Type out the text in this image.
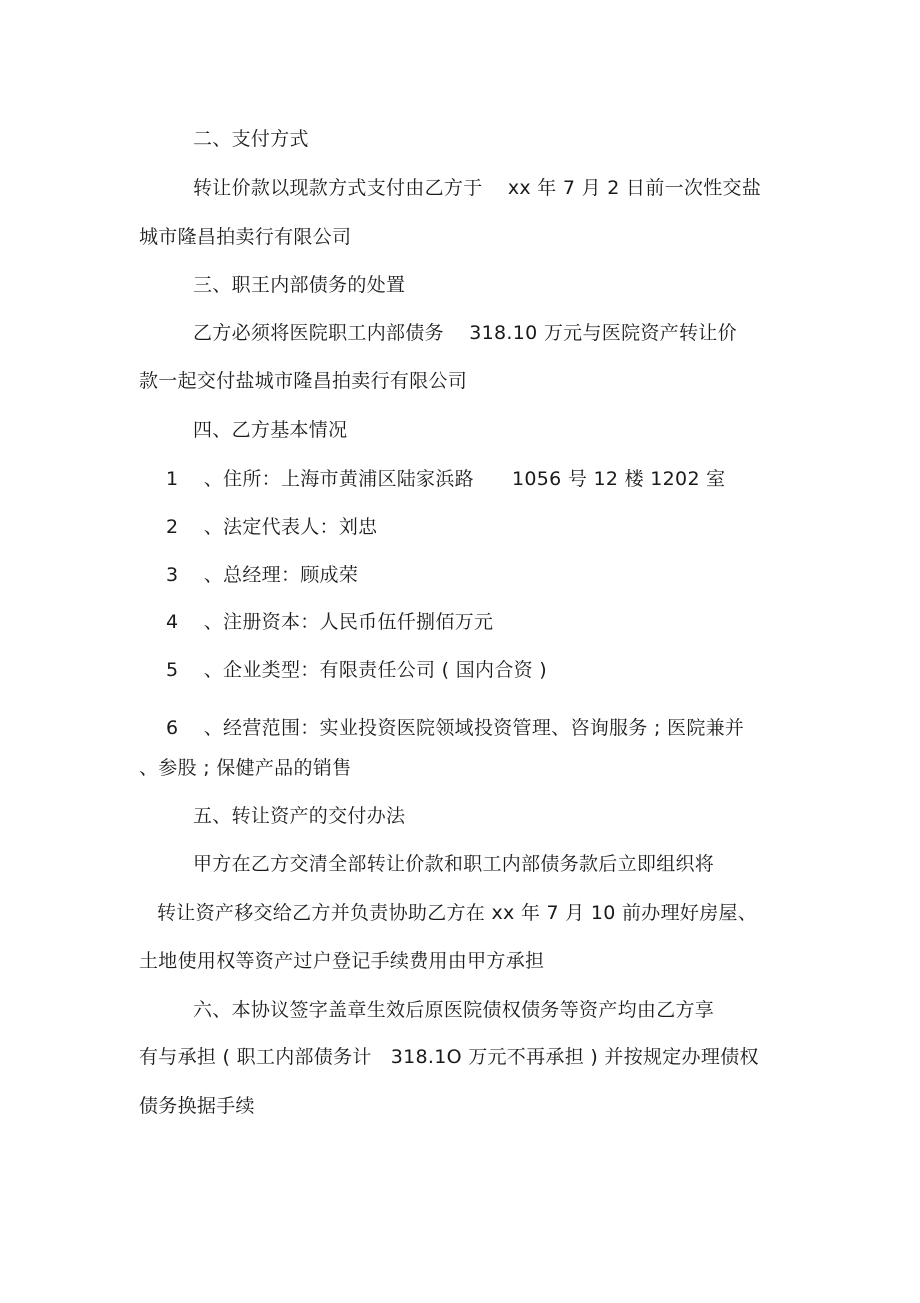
二、支付方式
转让价款以现款方式支付由乙方于    xx 年 7 月 2 日前一次性交盐
城市隆昌拍卖行有限公司
三、职王内部债务的处置
乙方必须将医院职工内部债务    318.10 万元与医院资产转让价
款一起交付盐城市隆昌拍卖行有限公司
四、乙方基本情况
1    、住所：上海市黄浦区陆家浜路      1056 号 12 楼 1202 室
2    、法定代表人：刘忠
3    、总经理：顾成荣
4    、注册资本：人民币伍仟捌佰万元
5    、企业类型：有限责任公司 ( 国内合资 )
6    、经营范围：实业投资医院领域投资管理、咨询服务 ; 医院兼并
、参股 ; 保健产品的销售
五、转让资产的交付办法
甲方在乙方交清全部转让价款和职工内部债务款后立即组织将
转让资产移交给乙方并负责协助乙方在 xx 年 7 月 10 前办理好房屋、
土地使用权等资产过户登记手续费用由甲方承担
六、本协议签字盖章生效后原医院债权债务等资产均由乙方享
有与承担 ( 职工内部债务计   318.1O 万元不再承担 ) 并按规定办理债权
债务换据手续
